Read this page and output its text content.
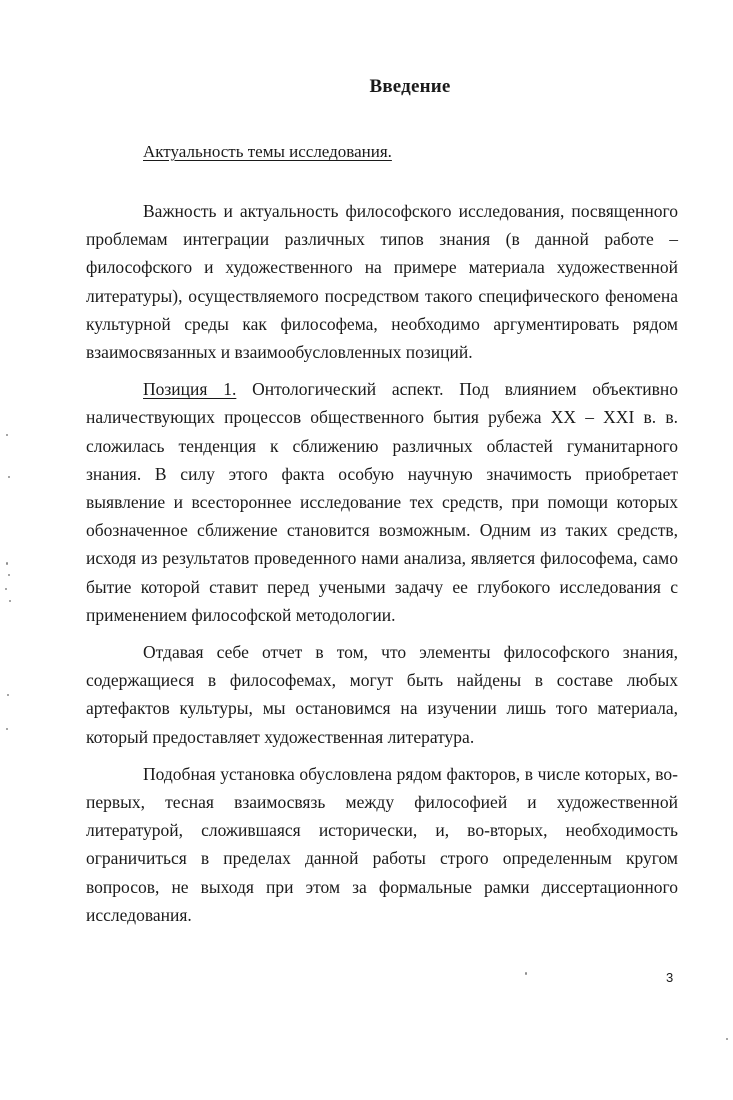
Введение
Актуальность темы исследования.

Важность и актуальность философского исследования, посвященного проблемам интеграции различных типов знания (в данной работе – философского и художественного на примере материала художественной литературы), осуществляемого посредством такого специфического феномена культурной среды как философема, необходимо аргументировать рядом взаимосвязанных и взаимообусловленных позиций.

Позиция 1. Онтологический аспект. Под влиянием объективно наличествующих процессов общественного бытия рубежа XX – XXI в. в. сложилась тенденция к сближению различных областей гуманитарного знания. В силу этого факта особую научную значимость приобретает выявление и всестороннее исследование тех средств, при помощи которых обозначенное сближение становится возможным. Одним из таких средств, исходя из результатов проведенного нами анализа, является философема, само бытие которой ставит перед учеными задачу ее глубокого исследования с применением философской методологии.

Отдавая себе отчет в том, что элементы философского знания, содержащиеся в философемах, могут быть найдены в составе любых артефактов культуры, мы остановимся на изучении лишь того материала, который предоставляет художественная литература.

Подобная установка обусловлена рядом факторов, в числе которых, во-первых, тесная взаимосвязь между философией и художественной литературой, сложившаяся исторически, и, во-вторых, необходимость ограничиться в пределах данной работы строго определенным кругом вопросов, не выходя при этом за формальные рамки диссертационного исследования.

3
